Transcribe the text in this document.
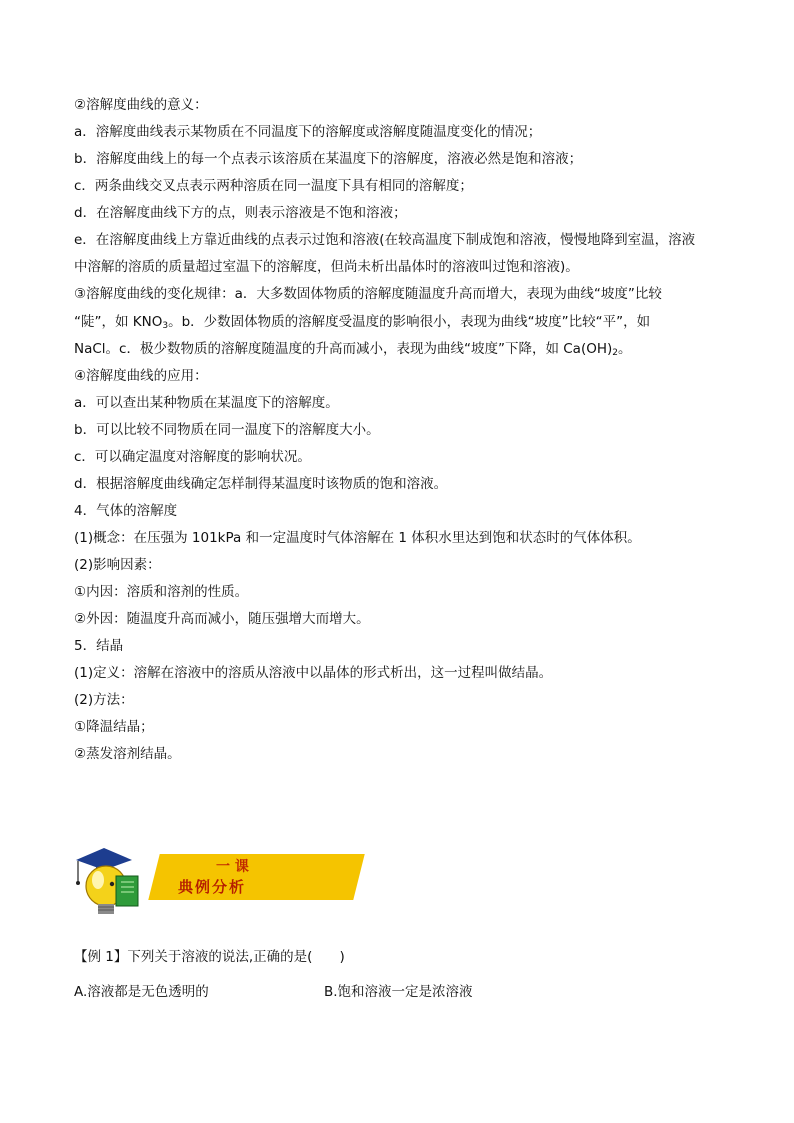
②溶解度曲线的意义：
a．溶解度曲线表示某物质在不同温度下的溶解度或溶解度随温度变化的情况；
b．溶解度曲线上的每一个点表示该溶质在某温度下的溶解度，溶液必然是饱和溶液；
c．两条曲线交叉点表示两种溶质在同一温度下具有相同的溶解度；
d．在溶解度曲线下方的点，则表示溶液是不饱和溶液；
e．在溶解度曲线上方靠近曲线的点表示过饱和溶液(在较高温度下制成饱和溶液，慢慢地降到室温，溶液
中溶解的溶质的质量超过室温下的溶解度，但尚未析出晶体时的溶液叫过饱和溶液)。
③溶解度曲线的变化规律：a．大多数固体物质的溶解度随温度升高而增大，表现为曲线“坡度”比较
“陡”，如 $KNO_3$。b．少数固体物质的溶解度受温度的影响很小，表现为曲线“坡度”比较“平”，如
NaCl。c．极少数物质的溶解度随温度的升高而减小，表现为曲线“坡度”下降，如 $Ca(OH)_2$。
④溶解度曲线的应用：
a．可以查出某种物质在某温度下的溶解度。
b．可以比较不同物质在同一温度下的溶解度大小。
c．可以确定温度对溶解度的影响状况。
d．根据溶解度曲线确定怎样制得某温度时该物质的饱和溶液。
4．气体的溶解度
(1)概念：在压强为 101kPa 和一定温度时气体溶解在 1 体积水里达到饱和状态时的气体体积。
(2)影响因素：
①内因：溶质和溶剂的性质。
②外因：随温度升高而减小，随压强增大而增大。
5．结晶
(1)定义：溶解在溶液中的溶质从溶液中以晶体的形式析出，这一过程叫做结晶。
(2)方法：
①降温结晶；
②蒸发溶剂结晶。
一 课
典例分析
【例 1】下列关于溶液的说法,正确的是(　　)
A.溶液都是无色透明的	B.饱和溶液一定是浓溶液
